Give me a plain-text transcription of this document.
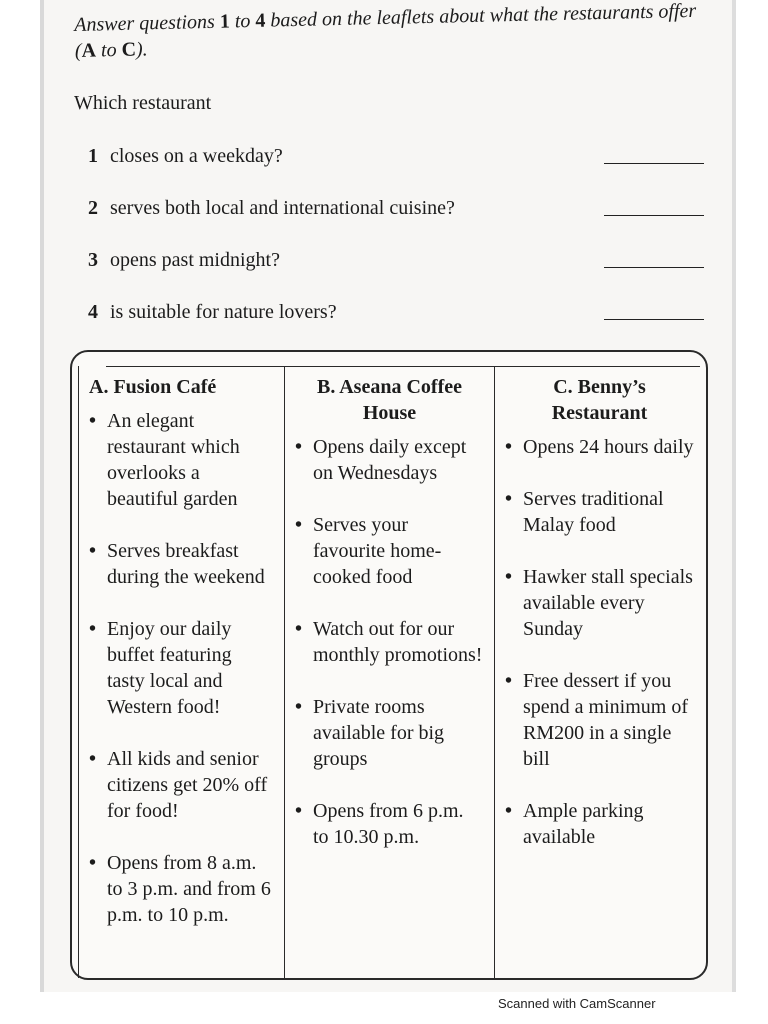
Answer questions 1 to 4 based on the leaflets about what the restaurants offer (A to C).
Which restaurant
1 closes on a weekday?
2 serves both local and international cuisine?
3 opens past midnight?
4 is suitable for nature lovers?
A. Fusion Café
• An elegant restaurant which overlooks a beautiful garden
• Serves breakfast during the weekend
• Enjoy our daily buffet featuring tasty local and Western food!
• All kids and senior citizens get 20% off for food!
• Opens from 8 a.m. to 3 p.m. and from 6 p.m. to 10 p.m.
B. Aseana Coffee House
• Opens daily except on Wednesdays
• Serves your favourite home-cooked food
• Watch out for our monthly promotions!
• Private rooms available for big groups
• Opens from 6 p.m. to 10.30 p.m.
C. Benny’s Restaurant
• Opens 24 hours daily
• Serves traditional Malay food
• Hawker stall specials available every Sunday
• Free dessert if you spend a minimum of RM200 in a single bill
• Ample parking available
Scanned with CamScanner
